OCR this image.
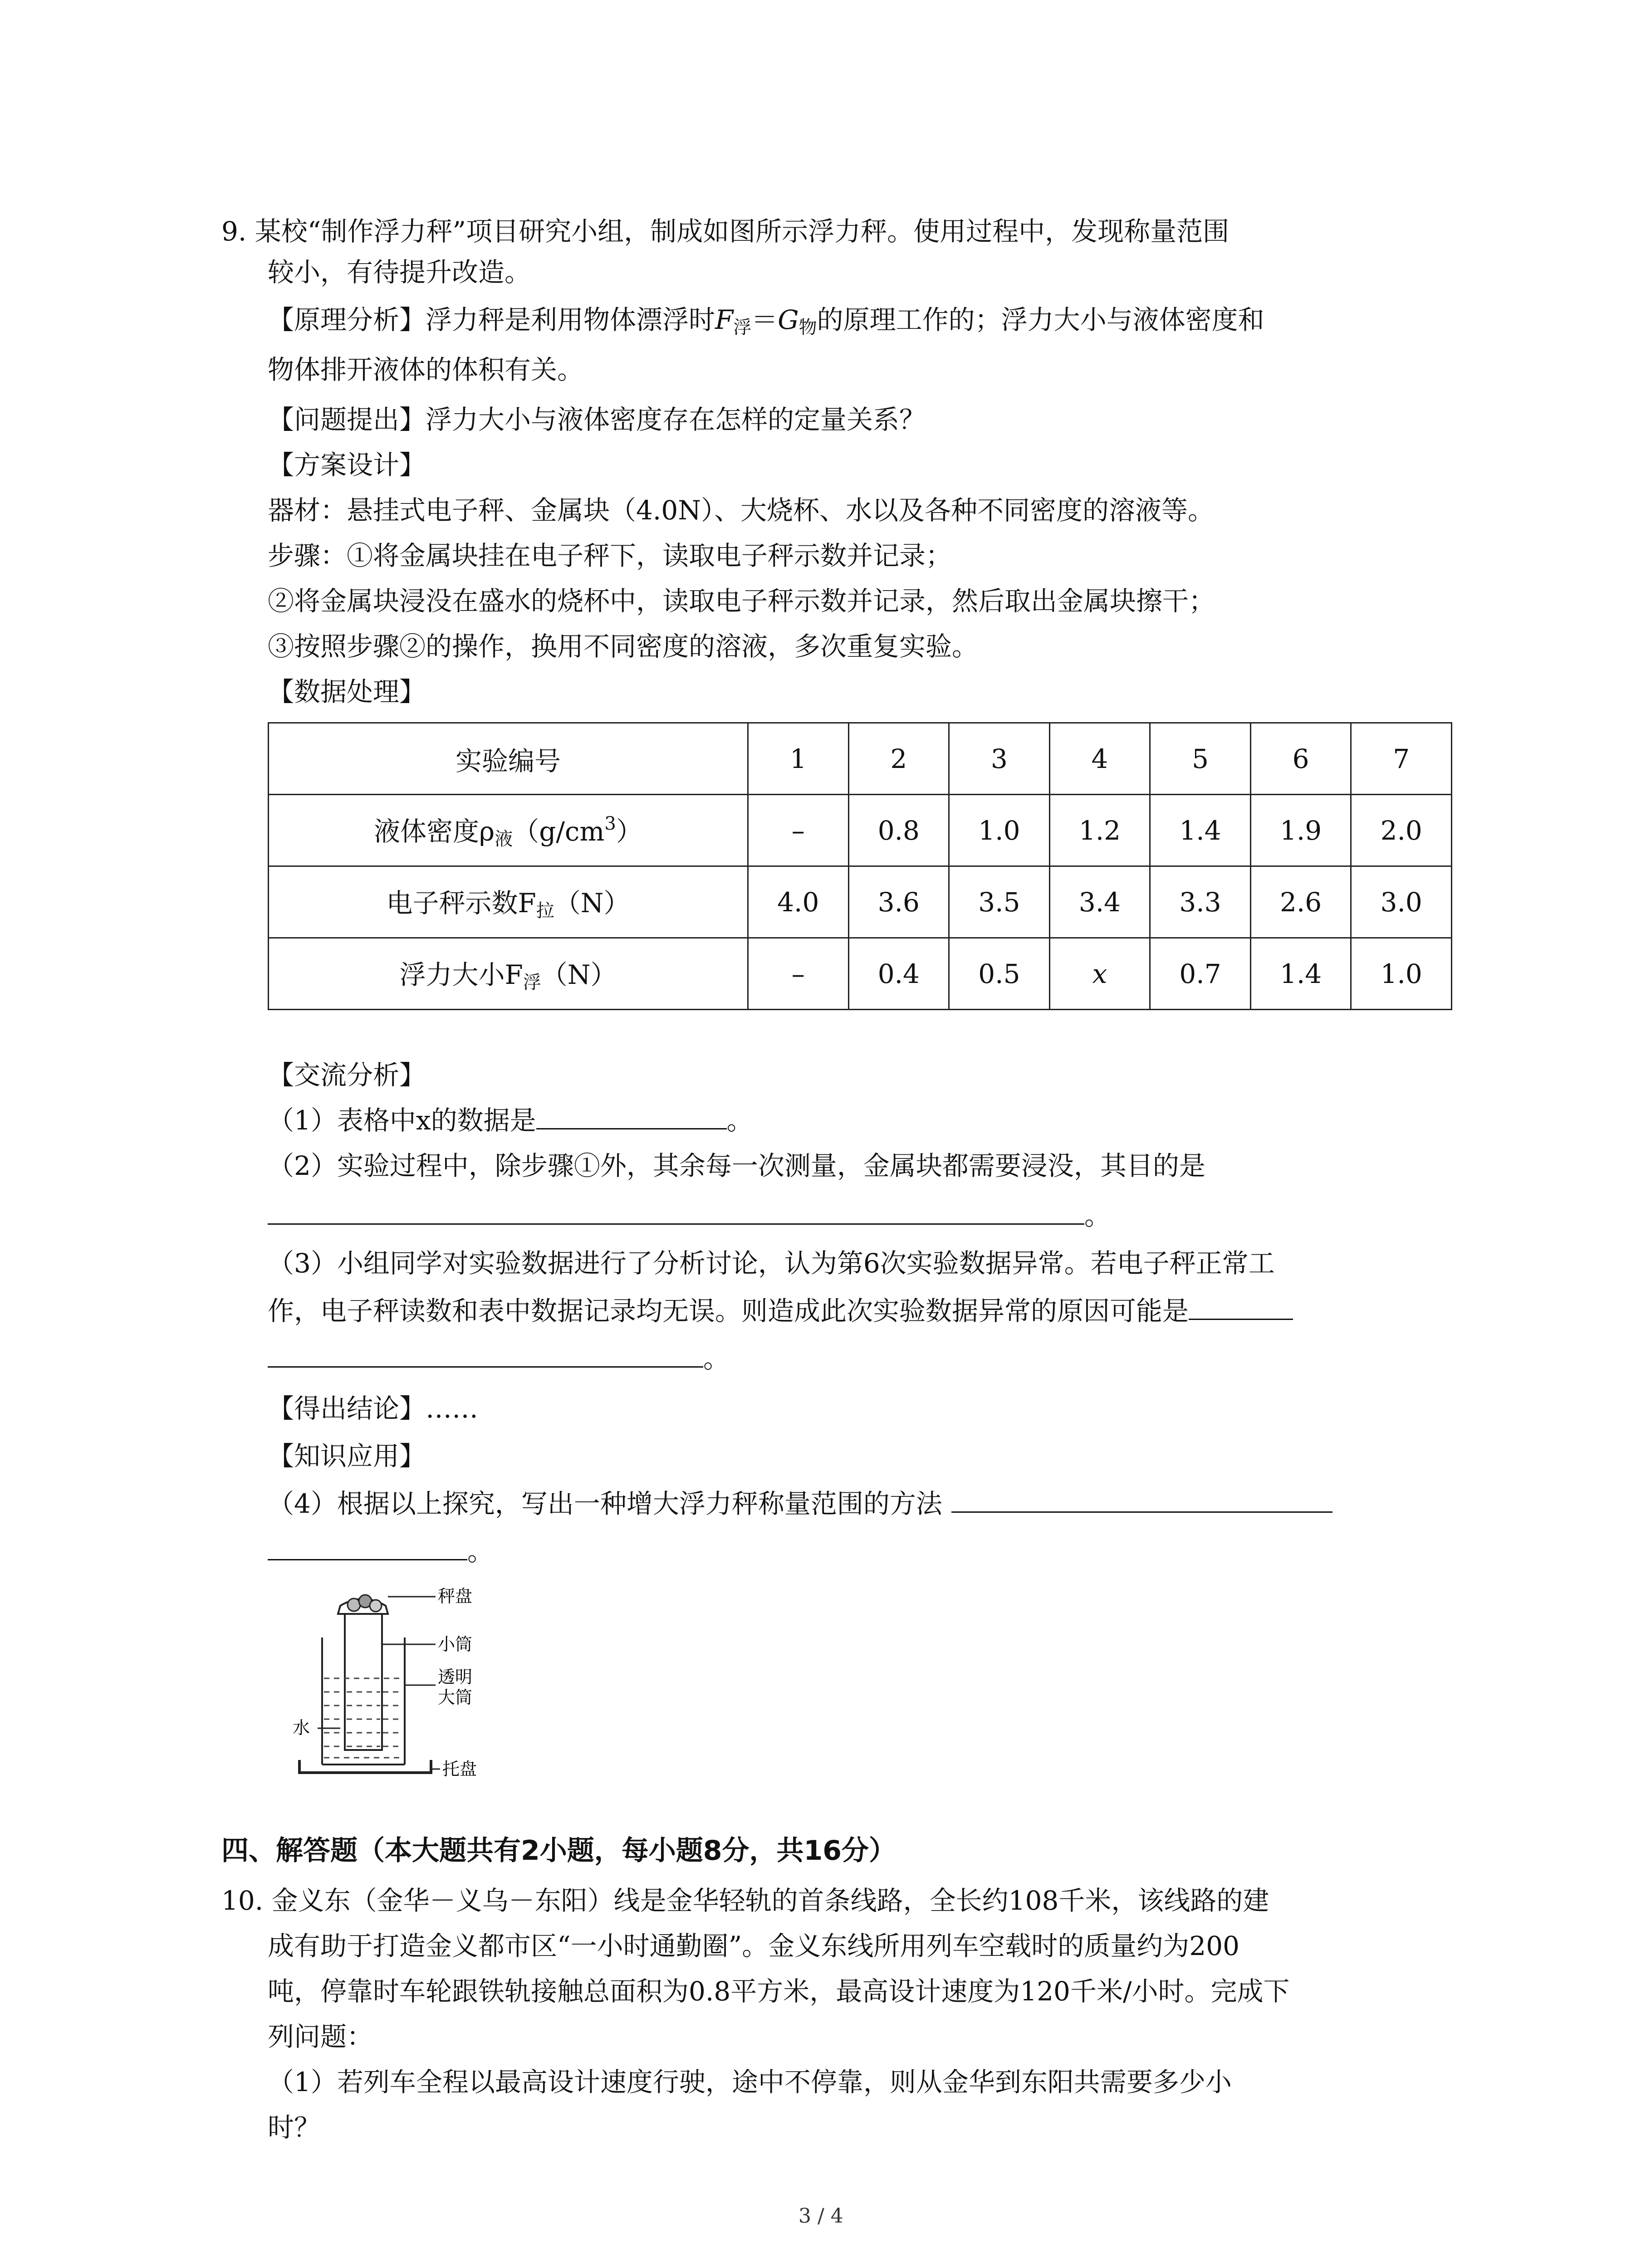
9. 某校“制作浮力秤”项目研究小组，制成如图所示浮力秤。使用过程中，发现称量范围
较小，有待提升改造。
【原理分析】浮力秤是利用物体漂浮时$F_浮=G_物$的原理工作的；浮力大小与液体密度和
物体排开液体的体积有关。
【问题提出】浮力大小与液体密度存在怎样的定量关系？
【方案设计】
器材：悬挂式电子秤、金属块（4.0N）、大烧杯、水以及各种不同密度的溶液等。
步骤：①将金属块挂在电子秤下，读取电子秤示数并记录；
②将金属块浸没在盛水的烧杯中，读取电子秤示数并记录，然后取出金属块擦干；
③按照步骤②的操作，换用不同密度的溶液，多次重复实验。
【数据处理】
实验编号	1	2	3	4	5	6	7
液体密度$\rho_液(g/cm^3)$	–	0.8	1.0	1.2	1.4	1.9	2.0
电子秤示数$F_拉(N)$	4.0	3.6	3.5	3.4	3.3	2.6	3.0
浮力大小$F_浮(N)$	–	0.4	0.5	x	0.7	1.4	1.0
【交流分析】
（1）表格中x的数据是	。
（2）实验过程中，除步骤①外，其余每一次测量，金属块都需要浸没，其目的是
。
（3）小组同学对实验数据进行了分析讨论，认为第6次实验数据异常。若电子秤正常工
作，电子秤读数和表中数据记录均无误。则造成此次实验数据异常的原因可能是
。
【得出结论】……
【知识应用】
（4）根据以上探究，写出一种增大浮力秤称量范围的方法
。
秤盘
小筒
透明
大筒
水
托盘
四、解答题（本大题共有2小题，每小题8分，共16分）
10. 金义东（金华－义乌－东阳）线是金华轻轨的首条线路，全长约108千米，该线路的建
成有助于打造金义都市区“一小时通勤圈”。金义东线所用列车空载时的质量约为200
吨，停靠时车轮跟铁轨接触总面积为0.8平方米，最高设计速度为120千米/小时。完成下
列问题：
（1）若列车全程以最高设计速度行驶，途中不停靠，则从金华到东阳共需要多少小
时？
3 / 4
